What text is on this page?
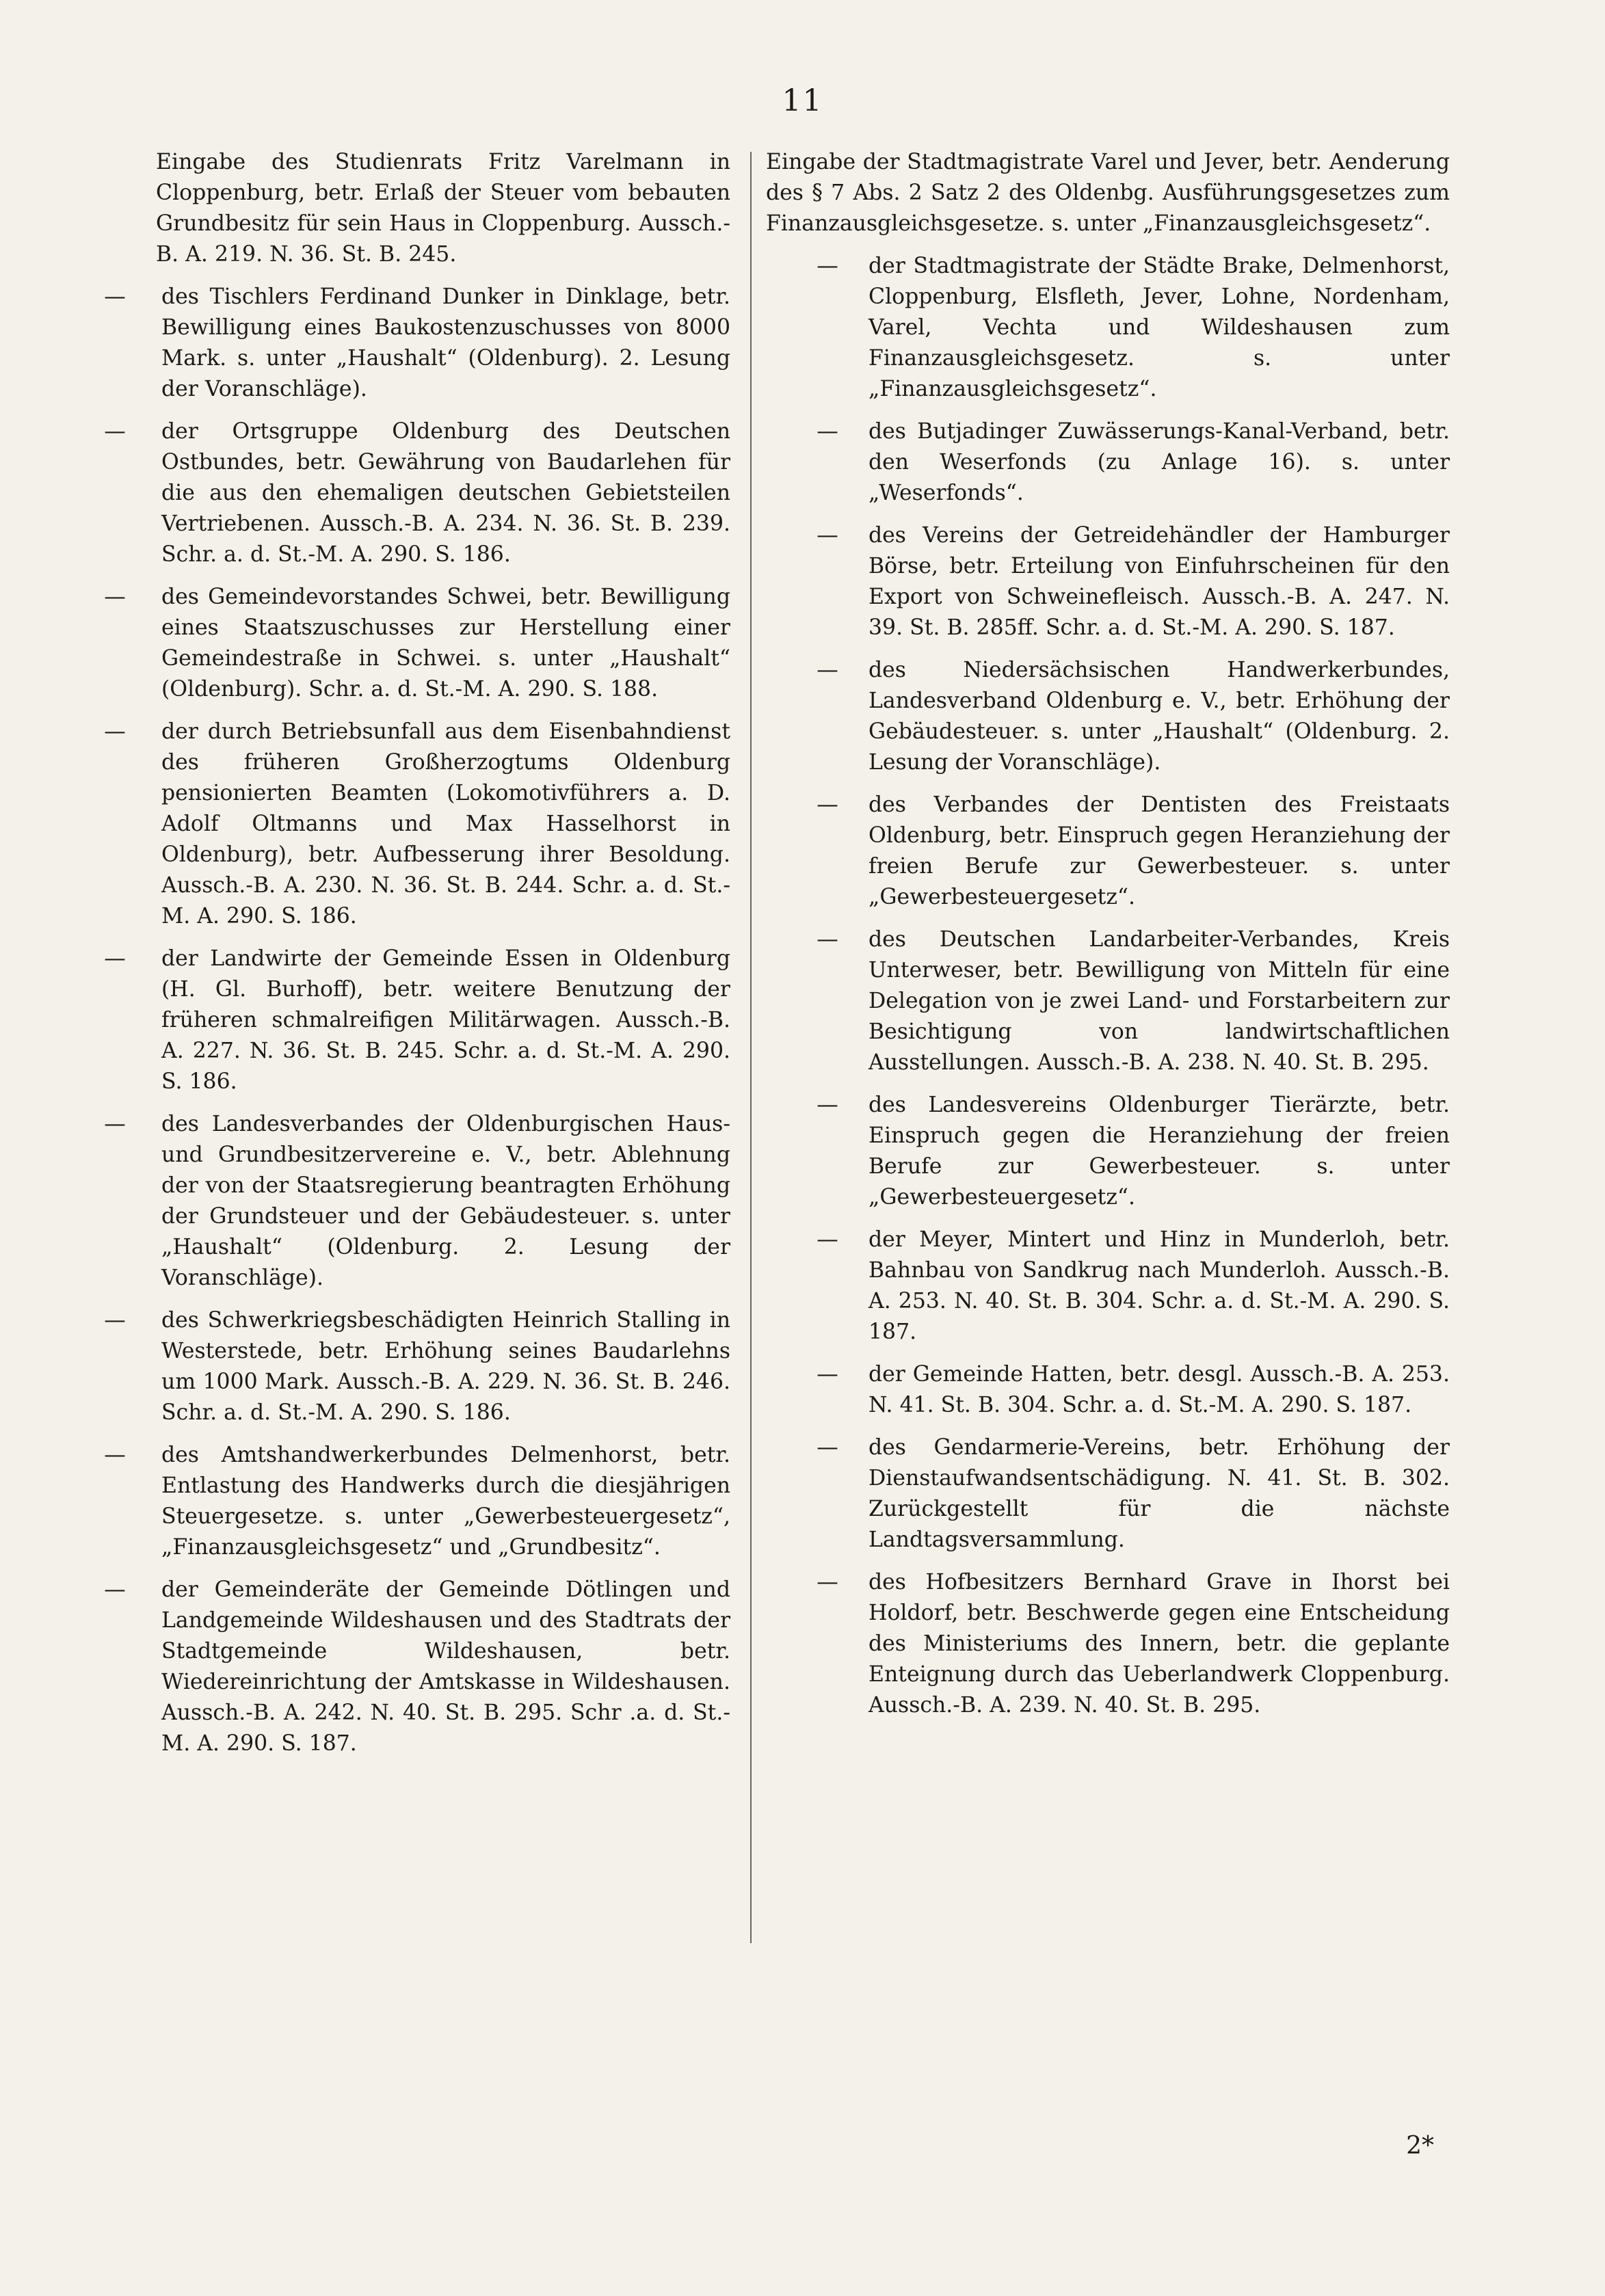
11
Eingabe des Studienrats Fritz Varelmann in Cloppenburg, betr. Erlaß der Steuer vom bebauten Grundbesitz für sein Haus in Cloppenburg. Aussch.-B. A. 219. N. 36. St. B. 245.
—	des Tischlers Ferdinand Dunker in Dinklage, betr. Bewilligung eines Baukostenzuschusses von 8000 Mark. s. unter „Haushalt“ (Oldenburg). 2. Lesung der Voranschläge).
—	der Ortsgruppe Oldenburg des Deutschen Ostbundes, betr. Gewährung von Baudarlehen für die aus den ehemaligen deutschen Gebietsteilen Vertriebenen. Aussch.-B. A. 234. N. 36. St. B. 239. Schr. a. d. St.-M. A. 290. S. 186.
—	des Gemeindevorstandes Schwei, betr. Bewilligung eines Staatszuschusses zur Herstellung einer Gemeindestraße in Schwei. s. unter „Haushalt“ (Oldenburg). Schr. a. d. St.-M. A. 290. S. 188.
—	der durch Betriebsunfall aus dem Eisenbahndienst des früheren Großherzogtums Oldenburg pensionierten Beamten (Lokomotivführers a. D. Adolf Oltmanns und Max Hasselhorst in Oldenburg), betr. Aufbesserung ihrer Besoldung. Aussch.-B. A. 230. N. 36. St. B. 244. Schr. a. d. St.-M. A. 290. S. 186.
—	der Landwirte der Gemeinde Essen in Oldenburg (H. Gl. Burhoff), betr. weitere Benutzung der früheren schmalreifigen Militärwagen. Aussch.-B. A. 227. N. 36. St. B. 245. Schr. a. d. St.-M. A. 290. S. 186.
—	des Landesverbandes der Oldenburgischen Haus- und Grundbesitzervereine e. V., betr. Ablehnung der von der Staatsregierung beantragten Erhöhung der Grundsteuer und der Gebäudesteuer. s. unter „Haushalt“ (Oldenburg. 2. Lesung der Voranschläge).
—	des Schwerkriegsbeschädigten Heinrich Stalling in Westerstede, betr. Erhöhung seines Baudarlehns um 1000 Mark. Aussch.-B. A. 229. N. 36. St. B. 246. Schr. a. d. St.-M. A. 290. S. 186.
—	des Amtshandwerkerbundes Delmenhorst, betr. Entlastung des Handwerks durch die diesjährigen Steuergesetze. s. unter „Gewerbesteuergesetz“, „Finanzausgleichsgesetz“ und „Grundbesitz“.
—	der Gemeinderäte der Gemeinde Dötlingen und Landgemeinde Wildeshausen und des Stadtrats der Stadtgemeinde Wildeshausen, betr. Wiedereinrichtung der Amtskasse in Wildeshausen. Aussch.-B. A. 242. N. 40. St. B. 295. Schr .a. d. St.-M. A. 290. S. 187.
Eingabe der Stadtmagistrate Varel und Jever, betr. Aenderung des § 7 Abs. 2 Satz 2 des Oldenbg. Ausführungsgesetzes zum Finanzausgleichsgesetze. s. unter „Finanzausgleichsgesetz“.
—	der Stadtmagistrate der Städte Brake, Delmenhorst, Cloppenburg, Elsfleth, Jever, Lohne, Nordenham, Varel, Vechta und Wildeshausen zum Finanzausgleichsgesetz. s. unter „Finanzausgleichsgesetz“.
—	des Butjadinger Zuwässerungs-Kanal-Verband, betr. den Weserfonds (zu Anlage 16). s. unter „Weserfonds“.
—	des Vereins der Getreidehändler der Hamburger Börse, betr. Erteilung von Einfuhrscheinen für den Export von Schweinefleisch. Aussch.-B. A. 247. N. 39. St. B. 285ff. Schr. a. d. St.-M. A. 290. S. 187.
—	des Niedersächsischen Handwerkerbundes, Landesverband Oldenburg e. V., betr. Erhöhung der Gebäudesteuer. s. unter „Haushalt“ (Oldenburg. 2. Lesung der Voranschläge).
—	des Verbandes der Dentisten des Freistaats Oldenburg, betr. Einspruch gegen Heranziehung der freien Berufe zur Gewerbesteuer. s. unter „Gewerbesteuergesetz“.
—	des Deutschen Landarbeiter-Verbandes, Kreis Unterweser, betr. Bewilligung von Mitteln für eine Delegation von je zwei Land- und Forstarbeitern zur Besichtigung von landwirtschaftlichen Ausstellungen. Aussch.-B. A. 238. N. 40. St. B. 295.
—	des Landesvereins Oldenburger Tierärzte, betr. Einspruch gegen die Heranziehung der freien Berufe zur Gewerbesteuer. s. unter „Gewerbesteuergesetz“.
—	der Meyer, Mintert und Hinz in Munderloh, betr. Bahnbau von Sandkrug nach Munderloh. Aussch.-B. A. 253. N. 40. St. B. 304. Schr. a. d. St.-M. A. 290. S. 187.
—	der Gemeinde Hatten, betr. desgl. Aussch.-B. A. 253. N. 41. St. B. 304. Schr. a. d. St.-M. A. 290. S. 187.
—	des Gendarmerie-Vereins, betr. Erhöhung der Dienstaufwandsentschädigung. N. 41. St. B. 302. Zurückgestellt für die nächste Landtagsversammlung.
—	des Hofbesitzers Bernhard Grave in Ihorst bei Holdorf, betr. Beschwerde gegen eine Entscheidung des Ministeriums des Innern, betr. die geplante Enteignung durch das Ueberlandwerk Cloppenburg. Aussch.-B. A. 239. N. 40. St. B. 295.
2*
